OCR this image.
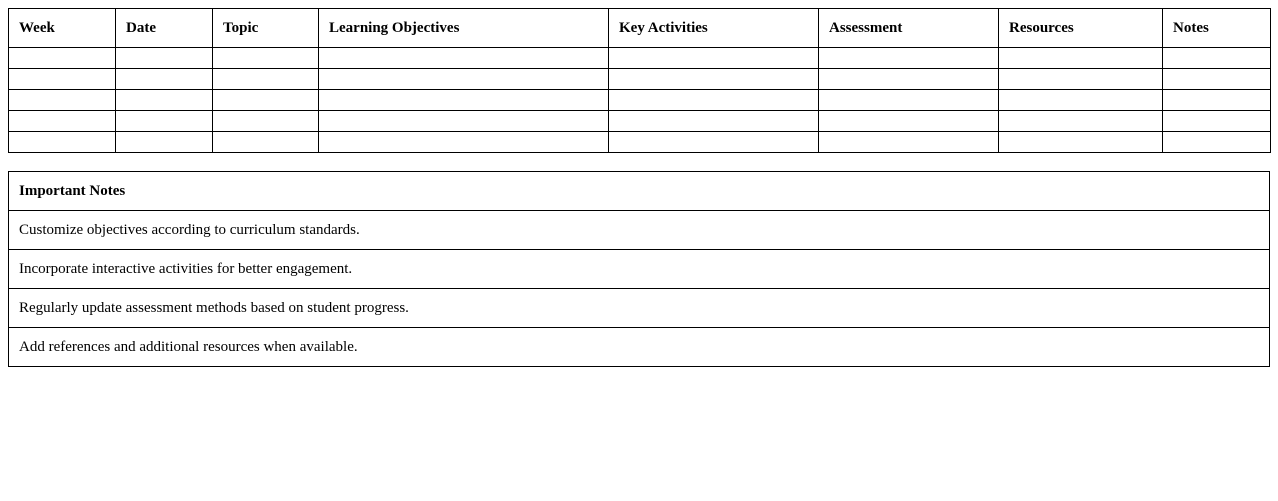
Week	Date	Topic	Learning Objectives	Key Activities	Assessment	Resources	Notes

Important Notes
Customize objectives according to curriculum standards.
Incorporate interactive activities for better engagement.
Regularly update assessment methods based on student progress.
Add references and additional resources when available.
